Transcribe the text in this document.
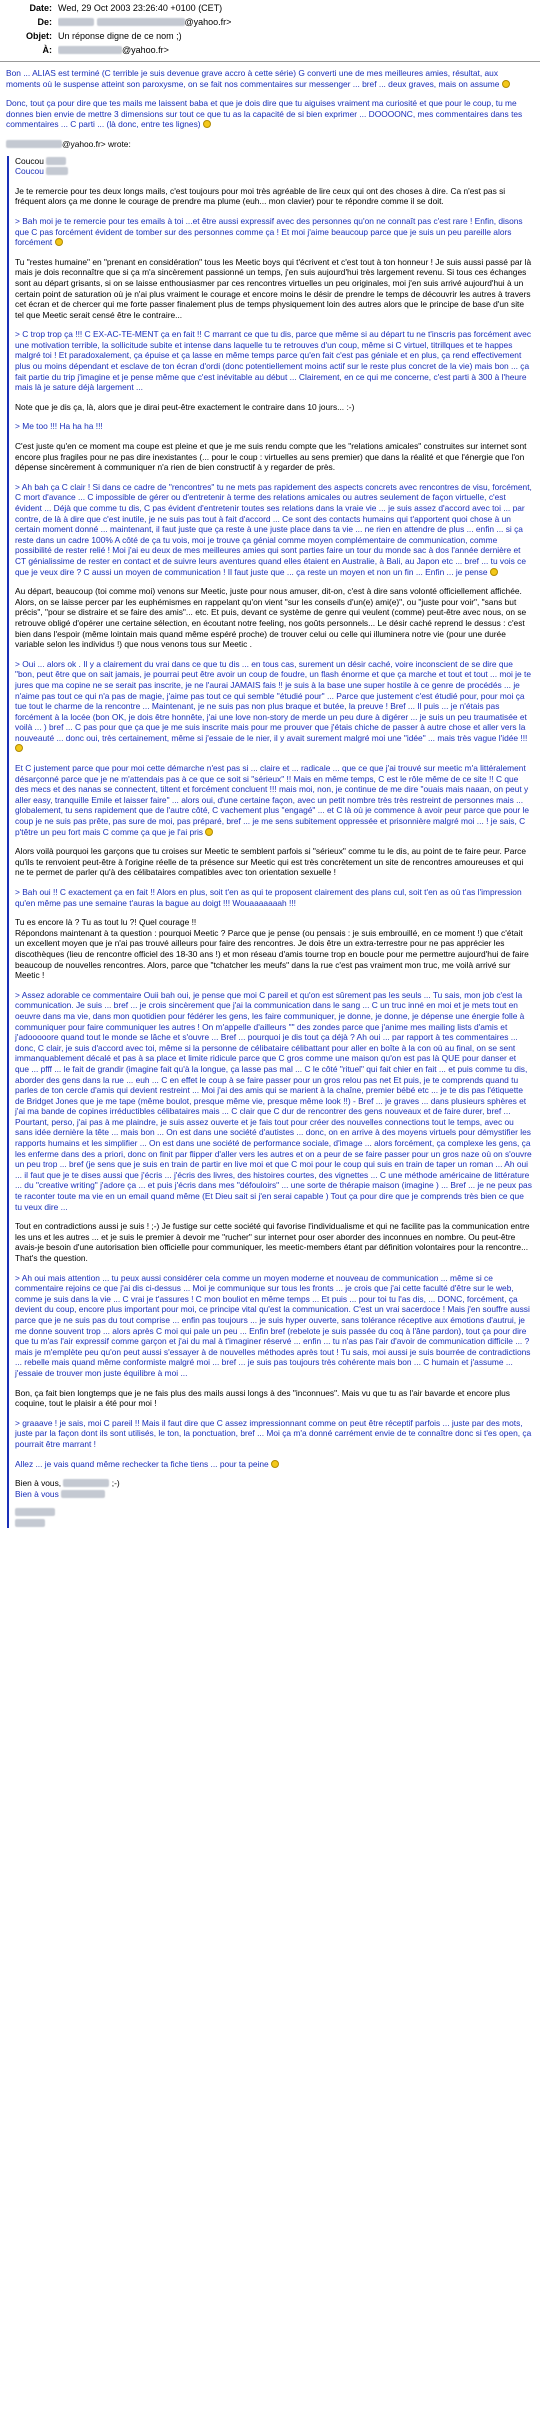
Date: Wed, 29 Oct 2003 23:26:40 +0100 (CET)
De:	@yahoo.fr>
Objet: Un réponse digne de ce nom ;)
À:	@yahoo.fr>

Bon ... ALIAS est terminé (C terrible je suis devenue grave accro à cette série) G converti une de mes meilleures amies, résultat, aux moments où le suspense atteint son paroxysme, on se fait nos commentaires sur messenger ... bref ... deux graves, mais on assume

Donc, tout ça pour dire que tes mails me laissent baba et que je dois dire que tu aiguises vraiment ma curiosité et que pour le coup, tu me donnes bien envie de mettre 3 dimensions sur tout ce que tu as la capacité de si bien exprimer ... DOOOONC, mes commentaires dans tes commentaires ... C parti ... (là donc, entre tes lignes)

@yahoo.fr> wrote:
Coucou
Coucou

Je te remercie pour tes deux longs mails, c'est toujours pour moi très agréable de lire ceux qui ont des choses à dire. Ca n'est pas si fréquent alors ça me donne le courage de prendre ma plume (euh... mon clavier) pour te répondre comme il se doit.

> Bah moi je te remercie pour tes emails à toi ...et être aussi expressif avec des personnes qu'on ne connaît pas c'est rare ! Enfin, disons que C pas forcément évident de tomber sur des personnes comme ça ! Et moi j'aime beaucoup parce que je suis un peu pareille alors forcément

Tu "restes humaine" en "prenant en considération" tous les Meetic boys qui t'écrivent et c'est tout à ton honneur ! Je suis aussi passé par là mais je dois reconnaître que si ça m'a sincèrement passionné un temps, j'en suis aujourd'hui très largement revenu. Si tous ces échanges sont au départ grisants, si on se laisse enthousiasmer par ces rencontres virtuelles un peu originales, moi j'en suis arrivé aujourd'hui à un certain point de saturation où je n'ai plus vraiment le courage et encore moins le désir de prendre le temps de découvrir les autres à travers cet écran et de chercer qui me forte passer finalement plus de temps physiquement loin des autres alors que le principe de base d'un site tel que Meetic serait censé être le contraire...

> C trop trop ça !!! C EX-AC-TE-MENT ça en fait !! C marrant ce que tu dis, parce que même si au départ tu ne t'inscris pas forcément avec une motivation terrible, la sollicitude subite et intense dans laquelle tu te retrouves d'un coup, même si C virtuel, titrillques et te happes malgré toi ! Et paradoxalement, ça épuise et ça lasse en même temps parce qu'en fait c'est pas géniale et en plus, ça rend effectivement plus ou moins dépendant et esclave de ton écran d'ordi (donc potentiellement moins actif sur le reste plus concret de la vie) mais bon ... ça fait partie du trip j'imagine et je pense même que c'est inévitable au début ... Clairement, en ce qui me concerne, c'est parti à 300 à l'heure mais là je sature déjà largement ...

Note que je dis ça, là, alors que je dirai peut-être exactement le contraire dans 10 jours... :-)

> Me too !!! Ha ha ha !!!

C'est juste qu'en ce moment ma coupe est pleine et que je me suis rendu compte que les "relations amicales" construites sur internet sont encore plus fragiles pour ne pas dire inexistantes (... pour le coup : virtuelles au sens premier) que dans la réalité et que l'énergie que l'on dépense sincèrement à communiquer n'a rien de bien constructif à y regarder de près.

> Ah bah ça C clair ! Si dans ce cadre de "rencontres" tu ne mets pas rapidement des aspects concrets avec rencontres de visu, forcément, C mort d'avance ... C impossible de gérer ou d'entretenir à terme des relations amicales ou autres seulement de façon virtuelle, c'est évident ... Déjà que comme tu dis, C pas évident d'entretenir toutes ses relations dans la vraie vie ... je suis assez d'accord avec toi ... par contre, de là à dire que c'est inutile, je ne suis pas tout à fait d'accord ... Ce sont des contacts humains qui t'apportent quoi chose à un certain moment donné ... maintenant, il faut juste que ça reste à une juste place dans ta vie ... ne rien en attendre de plus ... enfin ... si ça reste dans un cadre 100% A côté de ça tu vois, moi je trouve ça génial comme moyen complémentaire de communication, comme possibilité de rester relié ! Moi j'ai eu deux de mes meilleures amies qui sont parties faire un tour du monde sac à dos l'année dernière et CT génialissime de rester en contact et de suivre leurs aventures quand elles étaient en Australie, à Bali, au Japon etc ... bref ... tu vois ce que je veux dire ? C aussi un moyen de communication ! Il faut juste que ... ça reste un moyen et non un fin ... Enfin ... je pense

Au départ, beaucoup (toi comme moi) venons sur Meetic, juste pour nous amuser, dit-on, c'est à dire sans volonté officiellement affichée. Alors, on se laisse percer par les euphémismes en rappelant qu'on vient "sur les conseils d'un(e) ami(e)", ou "juste pour voir", "sans but précis", "pour se distraire et se faire des amis"... etc. Et puis, devant ce système de genre qui veulent (comme) peut-être avec nous, on se retrouve obligé d'opérer une certaine sélection, en écoutant notre feeling, nos goûts personnels... Le désir caché reprend le dessus : c'est bien dans l'espoir (même lointain mais quand même espéré proche) de trouver celui ou celle qui illuminera notre vie (pour une durée variable selon les individus !) que nous venons tous sur Meetic .

> Oui ... alors ok . Il y a clairement du vrai dans ce que tu dis ... en tous cas, surement un désir caché, voire inconscient de se dire que "bon, peut être que on sait jamais, je pourrai peut être avoir un coup de foudre, un flash énorme et que ça marche et tout et tout ... moi je te jures que ma copine ne se serait pas inscrite, je ne l'aurai JAMAIS fais !! je suis à la base une super hostile à ce genre de procédés ... je n'aime pas tout ce qui n'a pas de magie, j'aime pas tout ce qui semble "étudié pour" ... Parce que justement c'est étudié pour, pour moi ça tue tout le charme de la rencontre ... Maintenant, je ne suis pas non plus braque et butée, la preuve ! Bref ... Il puis ... je n'étais pas forcément à la locée (bon OK, je dois être honnête, j'ai une love non-story de merde un peu dure à digérer ... je suis un peu traumatisée et voilà ... ) bref ... C pas pour que ça que je me suis inscrite mais pour me prouver que j'étais chiche de passer à autre chose et aller vers la nouveauté ... donc oui, très certainement, même si j'essaie de le nier, il y avait surement malgré moi une "idée" ... mais très vague l'idée !!!

Et C justement parce que pour moi cette démarche n'est pas si ... claire et ... radicale ... que ce que j'ai trouvé sur meetic m'a littéralement désarçonné parce que je ne m'attendais pas à ce que ce soit si "sérieux" !! Mais en même temps, C est le rôle même de ce site !! C que des mecs et des nanas se connectent, tiltent et forcément concluent !!! mais moi, non, je continue de me dire "ouais mais naaan, on peut y aller easy, tranquille Emile et laisser faire" ... alors oui, d'une certaine façon, avec un petit nombre très très restreint de personnes mais ... globalement, tu sens rapidement que de l'autre côté, C vachement plus "engagé" ... et C là où je commence à avoir peur parce que pour le coup je ne suis pas prête, pas sure de moi, pas préparé, bref ... je me sens subitement oppressée et prisonnière malgré moi ... ! je sais, C p'têtre un peu fort mais C comme ça que je l'ai pris

Alors voilà pourquoi les garçons que tu croises sur Meetic te semblent parfois si "sérieux" comme tu le dis, au point de te faire peur. Parce qu'ils te renvoient peut-être à l'origine réelle de ta présence sur Meetic qui est très concrètement un site de rencontres amoureuses et qui ne te permet de parler qu'à des célibataires compatibles avec ton orientation sexuelle !

> Bah oui !! C exactement ça en fait !! Alors en plus, soit t'en as qui te proposent clairement des plans cul, soit t'en as où t'as l'impression qu'en même pas une semaine t'auras la bague au doigt !!! Wouaaaaaaah !!!

Tu es encore là ? Tu as tout lu ?! Quel courage !!
Répondons maintenant à ta question : pourquoi Meetic ? Parce que je pense (ou pensais : je suis embrouillé, en ce moment !) que c'était un excellent moyen que je n'ai pas trouvé ailleurs pour faire des rencontres. Je dois être un extra-terrestre pour ne pas apprécier les discothèques (lieu de rencontre officiel des 18-30 ans !) et mon réseau d'amis tourne trop en boucle pour me permettre aujourd'hui de faire beaucoup de nouvelles rencontres. Alors, parce que "tchatcher les meufs" dans la rue c'est pas vraiment mon truc, me voilà arrivé sur Meetic !

> Assez adorable ce commentaire Ouii bah oui, je pense que moi C pareil et qu'on est sûrement pas les seuls ... Tu sais, mon job c'est la communication. Je suis ... bref ... je crois sincèrement que j'ai la communication dans le sang ... C un truc inné en moi et je mets tout en oeuvre dans ma vie, dans mon quotidien pour fédérer les gens, les faire communiquer, je donne, je donne, je dépense une énergie folle à communiquer pour faire communiquer les autres ! On m'appelle d'ailleurs "" des zondes parce que j'anime mes mailing lists d'amis et j'adooooore quand tout le monde se lâche et s'ouvre ... Bref ... pourquoi je dis tout ça déjà ? Ah oui ... par rapport à tes commentaires ... donc, C clair, je suis d'accord avec toi, même si la personne de célibataire célibattant pour aller en boîte à la con où au final, on se sent immanquablement décalé et pas à sa place et limite ridicule parce que C gros comme une maison qu'on est pas là QUE pour danser et que ... pfff ... le fait de grandir (imagine fait qu'à la longue, ça lasse pas mal ... C le côté "rituel" qui fait chier en fait ... et puis comme tu dis, aborder des gens dans la rue ... euh ... C en effet le coup à se faire passer pour un gros relou pas net Et puis, je te comprends quand tu parles de ton cercle d'amis qui devient restreint ... Moi j'ai des amis qui se marient à la chaîne, premier bébé etc ... je te dis pas l'étiquette de Bridget Jones que je me tape (même boulot, presque même vie, presque même look !!) - Bref ... je graves ... dans plusieurs sphères et j'ai ma bande de copines irréductibles célibataires mais ... C clair que C dur de rencontrer des gens nouveaux et de faire durer, bref ... Pourtant, perso, j'ai pas à me plaindre, je suis assez ouverte et je fais tout pour créer des nouvelles connections tout le temps, avec ou sans idée dernière la tête ... mais bon ... On est dans une société d'autistes ... donc, on en arrive à des moyens virtuels pour démystifier les rapports humains et les simplifier ... On est dans une société de performance sociale, d'image ... alors forcément, ça complexe les gens, ça les enferme dans des a priori, donc on finit par flipper d'aller vers les autres et on a peur de se faire passer pour un gros naze où on s'ouvre un peu trop ... bref (je sens que je suis en train de partir en live moi et que C moi pour le coup qui suis en train de taper un roman ... Ah oui ... il faut que je te dises aussi que j'écris ... j'écris des livres, des histoires courtes, des vignettes ... C une méthode américaine de littérature ... du "creative writing" j'adore ça ... et puis j'écris dans mes "défouloirs" ... une sorte de thérapie maison (imagine ) ... Bref ... je ne peux pas te raconter toute ma vie en un email quand même (Et Dieu sait si j'en serai capable ) Tout ça pour dire que je comprends très bien ce que tu veux dire ...

Tout en contradictions aussi je suis ! ;-) Je fustige sur cette société qui favorise l'individualisme et qui ne facilite pas la communication entre les uns et les autres ... et je suis le premier à devoir me "rucher" sur internet pour oser aborder des inconnues en nombre. Ou peut-être avais-je besoin d'une autorisation bien officielle pour communiquer, les meetic-members étant par définition volontaires pour la rencontre... That's the question.

> Ah oui mais attention ... tu peux aussi considérer cela comme un moyen moderne et nouveau de communication ... même si ce commentaire rejoins ce que j'ai dis ci-dessus ... Moi je communique sur tous les fronts ... je crois que j'ai cette faculté d'être sur le web, comme je suis dans la vie ... C vrai je t'assures ! C mon bouliot en même temps ... Et puis ... pour toi tu l'as dis, ... DONC, forcément, ça devient du coup, encore plus important pour moi, ce principe vital qu'est la communication. C'est un vrai sacerdoce ! Mais j'en souffre aussi parce que je ne suis pas du tout comprise ... enfin pas toujours ... je suis hyper ouverte, sans tolérance réceptive aux émotions d'autrui, je me donne souvent trop ... alors après C moi qui pale un peu ... Enfin bref (rebelote je suis passée du coq à l'âne pardon), tout ça pour dire que tu m'as l'air expressif comme garçon et j'ai du mal à t'imaginer réservé ... enfin ... tu n'as pas l'air d'avoir de communication difficile ... ? mais je m'emplète peu qu'on peut aussi s'essayer à de nouvelles méthodes après tout ! Tu sais, moi aussi je suis bourrée de contradictions ... rebelle mais quand même conformiste malgré moi ... bref ... je suis pas toujours très cohérente mais bon ... C humain et j'assume ... j'essaie de trouver mon juste équilibre à moi ...

Bon, ça fait bien longtemps que je ne fais plus des mails aussi longs à des "inconnues". Mais vu que tu as l'air bavarde et encore plus coquine, tout le plaisir a été pour moi !

> graaave ! je sais, moi C pareil !! Mais il faut dire que C assez impressionnant comme on peut être réceptif parfois ... juste par des mots, juste par la façon dont ils sont utilisés, le ton, la ponctuation, bref ... Moi ça m'a donné carrément envie de te connaître donc si t'es open, ça pourrait être marrant !

Allez ... je vais quand même rechecker ta fiche tiens ... pour ta peine

Bien à vous,	;-)
Bien à vous
